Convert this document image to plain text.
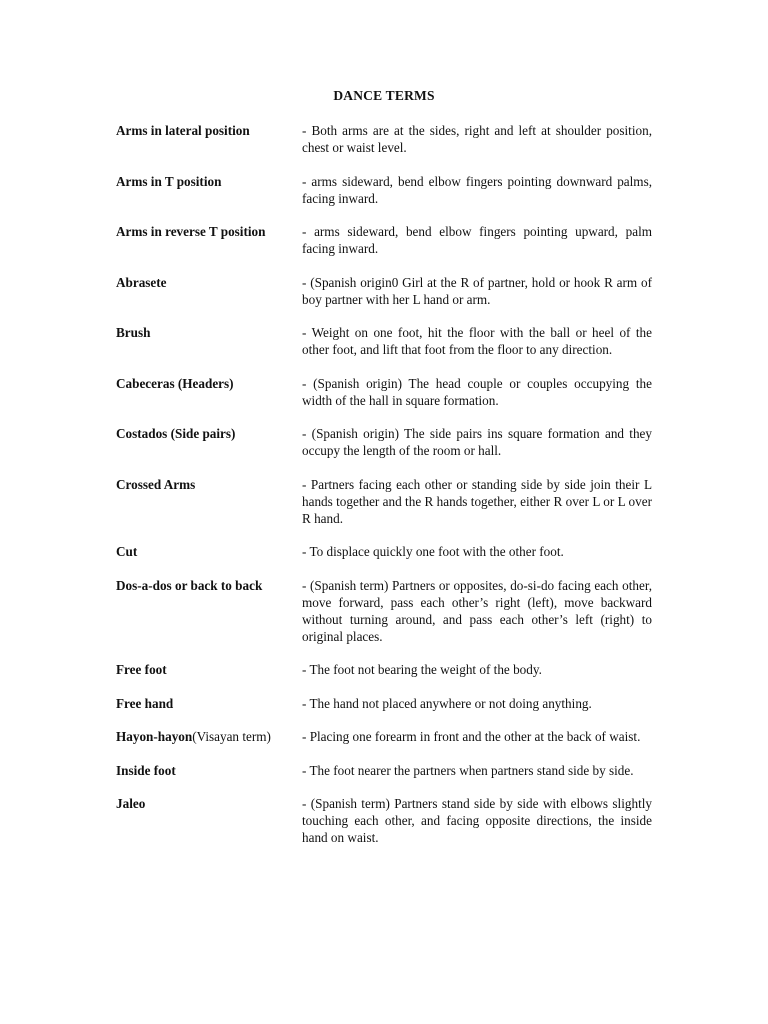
DANCE TERMS
Arms in lateral position	- Both arms are at the sides, right and left at shoulder position, chest or waist level.
Arms in T position	- arms sideward, bend elbow fingers pointing downward palms, facing inward.
Arms in reverse T position	- arms sideward, bend elbow fingers pointing upward, palm facing inward.
Abrasete	- (Spanish origin0 Girl at the R of partner, hold or hook R arm of boy partner with her L hand or arm.
Brush	- Weight on one foot, hit the floor with the ball or heel of the other foot, and lift that foot from the floor to any direction.
Cabeceras (Headers)	- (Spanish origin) The head couple or couples occupying the width of the hall in square formation.
Costados (Side pairs)	- (Spanish origin) The side pairs ins square formation and they occupy the length of the room or hall.
Crossed Arms	- Partners facing each other or standing side by side join their L hands together and the R hands together, either R over L or L over R hand.
Cut	- To displace quickly one foot with the other foot.
Dos-a-dos or back to back	- (Spanish term) Partners or opposites, do-si-do facing each other, move forward, pass each other’s right (left), move backward without turning around, and pass each other’s left (right) to original places.
Free foot	- The foot not bearing the weight of the body.
Free hand	- The hand not placed anywhere or not doing anything.
Hayon-hayon(Visayan term)	- Placing one forearm in front and the other at the back of waist.
Inside foot	- The foot nearer the partners when partners stand side by side.
Jaleo	- (Spanish term) Partners stand side by side with elbows slightly touching each other, and facing opposite directions, the inside hand on waist.
